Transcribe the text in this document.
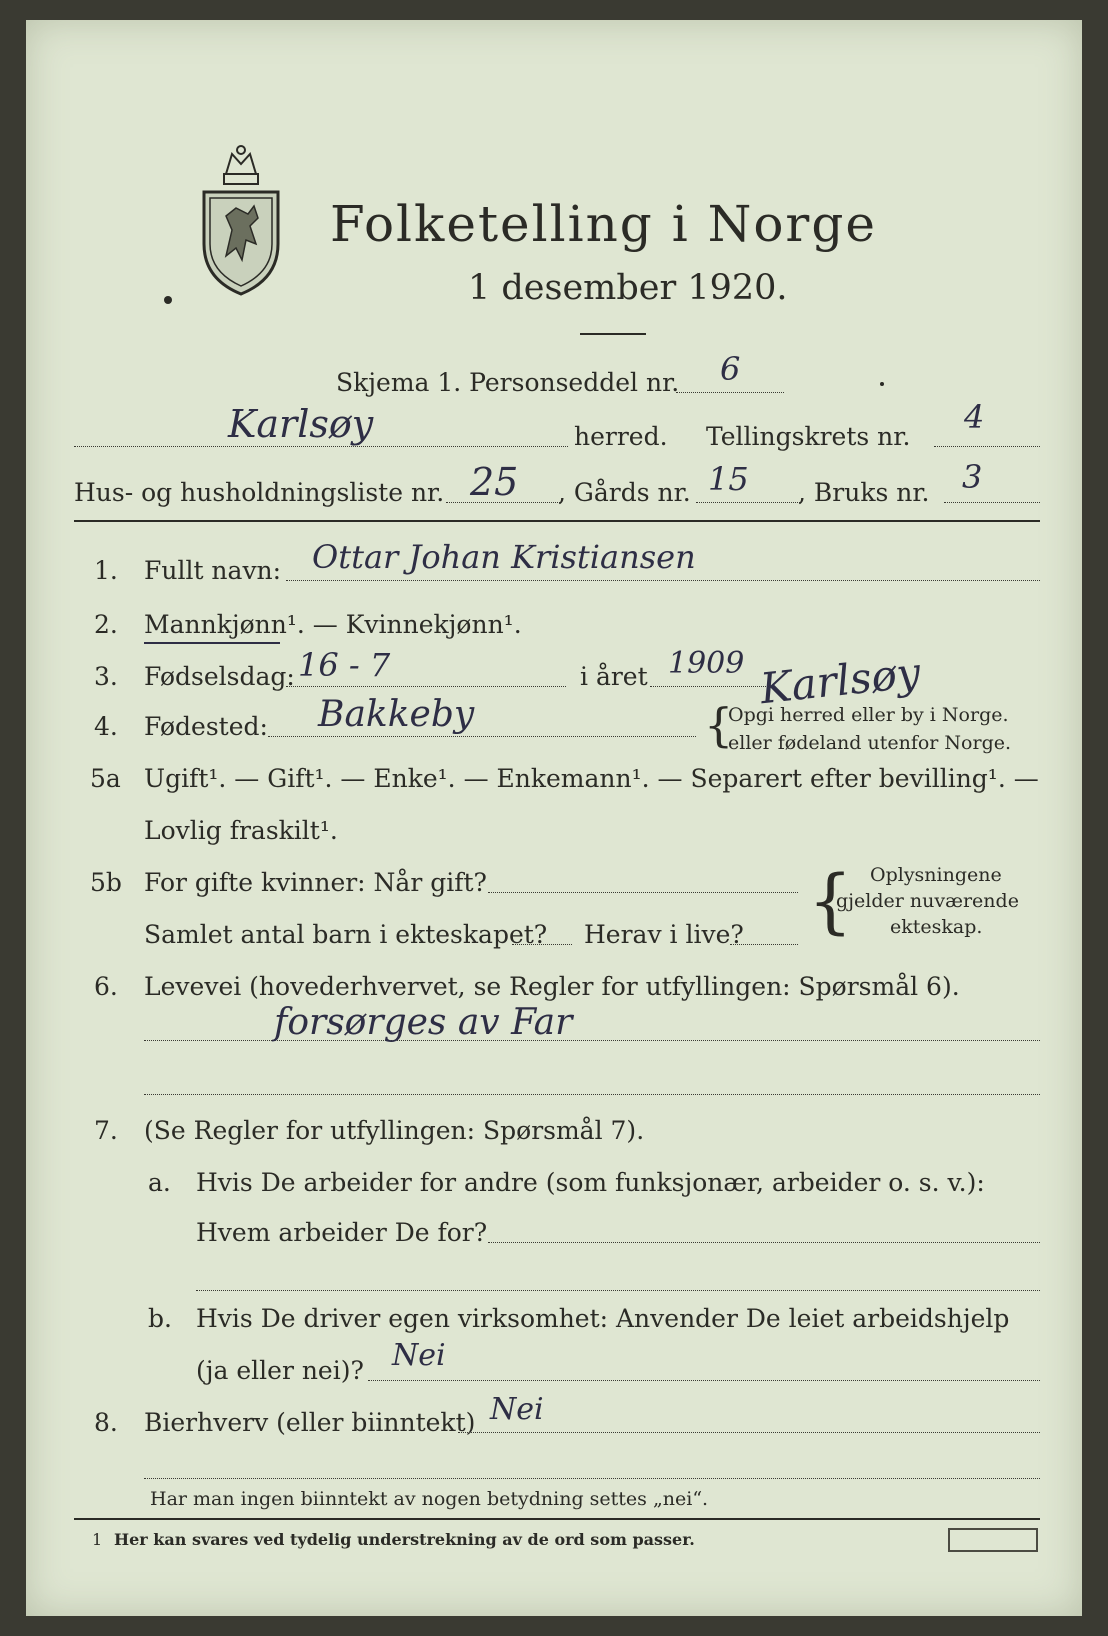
Folketelling i Norge
1 desember 1920.
Skjema 1. Personseddel nr. 6
Karlsøy	herred. Tellingskrets nr.
4
Hus- og husholdningsliste nr. 25 , Gårds nr. 15 , Bruks nr. 3
1. Fullt navn: Ottar Johan Kristiansen
2. Mannkjønn¹. — Kvinnekjønn¹.
3. Fødselsdag: 16 - 7	i året 1909
4. Fødested: Bakkeby	{
Opgi herred eller by i Norge.
eller fødeland utenfor Norge.
Karlsøy
5a Ugift¹. — Gift¹. — Enke¹. — Enkemann¹. — Separert efter bevilling¹. —
Lovlig fraskilt¹.
5b For gifte kvinner: Når gift?
Samlet antal barn i ekteskapet? Herav i live? { Oplysningene
gjelder nuværende
ekteskap.
6. Levevei (hovederhvervet, se Regler for utfyllingen: Spørsmål 6).
forsørges av Far
7. (Se Regler for utfyllingen: Spørsmål 7).
a. Hvis De arbeider for andre (som funksjonær, arbeider o. s. v.):
Hvem arbeider De for?
b. Hvis De driver egen virksomhet: Anvender De leiet arbeidshjelp
(ja eller nei)? Nei
8. Bierhverv (eller biinntekt) Nei
Har man ingen biinntekt av nogen betydning settes „nei“.
1 Her kan svares ved tydelig understrekning av de ord som passer.
